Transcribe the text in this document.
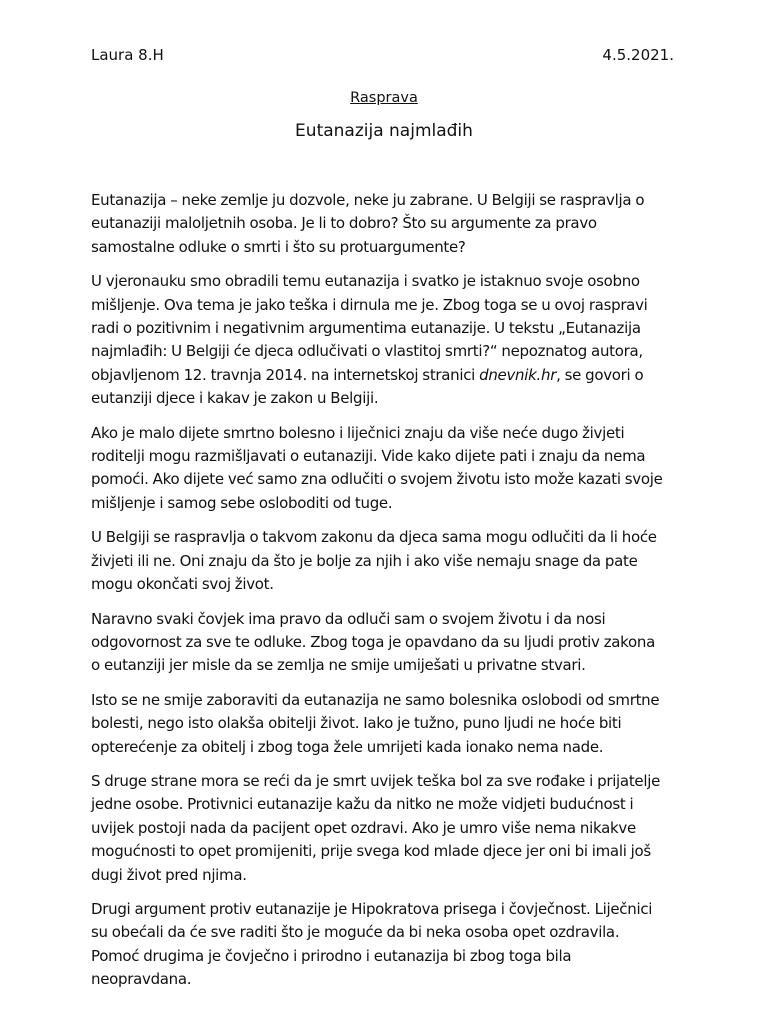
Laura 8.H	4.5.2021.
Rasprava
Eutanazija najmlađih

Eutanazija – neke zemlje ju dozvole, neke ju zabrane. U Belgiji se raspravlja o
eutanaziji maloljetnih osoba. Je li to dobro? Što su argumente za pravo
samostalne odluke o smrti i što su protuargumente?

U vjeronauku smo obradili temu eutanazija i svatko je istaknuo svoje osobno
mišljenje. Ova tema je jako teška i dirnula me je. Zbog toga se u ovoj raspravi
radi o pozitivnim i negativnim argumentima eutanazije. U tekstu „Eutanazija
najmlađih: U Belgiji će djeca odlučivati o vlastitoj smrti?“ nepoznatog autora,
objavljenom 12. travnja 2014. na internetskoj stranici dnevnik.hr, se govori o
eutanziji djece i kakav je zakon u Belgiji.

Ako je malo dijete smrtno bolesno i liječnici znaju da više neće dugo živjeti
roditelji mogu razmišljavati o eutanaziji. Vide kako dijete pati i znaju da nema
pomoći. Ako dijete već samo zna odlučiti o svojem životu isto može kazati svoje
mišljenje i samog sebe osloboditi od tuge.

U Belgiji se raspravlja o takvom zakonu da djeca sama mogu odlučiti da li hoće
živjeti ili ne. Oni znaju da što je bolje za njih i ako više nemaju snage da pate
mogu okončati svoj život.

Naravno svaki čovjek ima pravo da odluči sam o svojem životu i da nosi
odgovornost za sve te odluke. Zbog toga je opavdano da su ljudi protiv zakona
o eutanziji jer misle da se zemlja ne smije umiješati u privatne stvari.

Isto se ne smije zaboraviti da eutanazija ne samo bolesnika oslobodi od smrtne
bolesti, nego isto olakša obitelji život. Iako je tužno, puno ljudi ne hoće biti
opterećenje za obitelj i zbog toga žele umrijeti kada ionako nema nade.

S druge strane mora se reći da je smrt uvijek teška bol za sve rođake i prijatelje
jedne osobe. Protivnici eutanazije kažu da nitko ne može vidjeti budućnost i
uvijek postoji nada da pacijent opet ozdravi. Ako je umro više nema nikakve
mogućnosti to opet promijeniti, prije svega kod mlade djece jer oni bi imali još
dugi život pred njima.

Drugi argument protiv eutanazije je Hipokratova prisega i čovječnost. Liječnici
su obećali da će sve raditi što je moguće da bi neka osoba opet ozdravila.
Pomoć drugima je čovječno i prirodno i eutanazija bi zbog toga bila
neopravdana.
